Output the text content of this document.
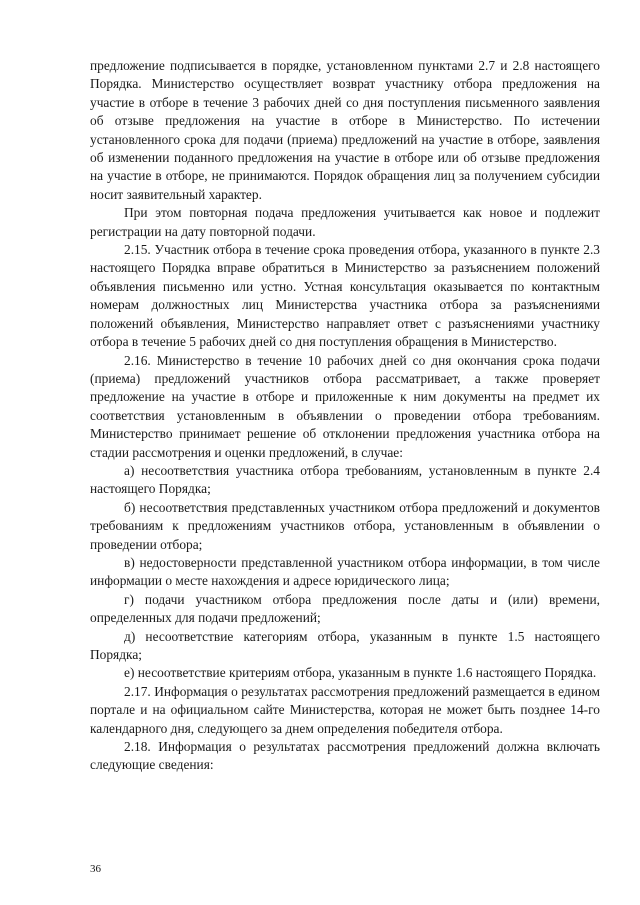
предложение подписывается в порядке, установленном пунктами 2.7 и 2.8 настоящего Порядка. Министерство осуществляет возврат участнику отбора предложения на участие в отборе в течение 3 рабочих дней со дня поступления письменного заявления об отзыве предложения на участие в отборе в Министерство. По истечении установленного срока для подачи (приема) предложений на участие в отборе, заявления об изменении поданного предложения на участие в отборе или об отзыве предложения на участие в отборе, не принимаются. Порядок обращения лиц за получением субсидии носит заявительный характер.

При этом повторная подача предложения учитывается как новое и подлежит регистрации на дату повторной подачи.

2.15. Участник отбора в течение срока проведения отбора, указанного в пункте 2.3 настоящего Порядка вправе обратиться в Министерство за разъяснением положений объявления письменно или устно. Устная консультация оказывается по контактным номерам должностных лиц Министерства участника отбора за разъяснениями положений объявления, Министерство направляет ответ с разъяснениями участнику отбора в течение 5 рабочих дней со дня поступления обращения в Министерство.

2.16. Министерство в течение 10 рабочих дней со дня окончания срока подачи (приема) предложений участников отбора рассматривает, а также проверяет предложение на участие в отборе и приложенные к ним документы на предмет их соответствия установленным в объявлении о проведении отбора требованиям. Министерство принимает решение об отклонении предложения участника отбора на стадии рассмотрения и оценки предложений, в случае:

а) несоответствия участника отбора требованиям, установленным в пункте 2.4 настоящего Порядка;

б) несоответствия представленных участником отбора предложений и документов требованиям к предложениям участников отбора, установленным в объявлении о проведении отбора;

в) недостоверности представленной участником отбора информации, в том числе информации о месте нахождения и адресе юридического лица;

г) подачи участником отбора предложения после даты и (или) времени, определенных для подачи предложений;

д) несоответствие категориям отбора, указанным в пункте 1.5 настоящего Порядка;

е) несоответствие критериям отбора, указанным в пункте 1.6 настоящего Порядка.

2.17. Информация о результатах рассмотрения предложений размещается в едином портале и на официальном сайте Министерства, которая не может быть позднее 14-го календарного дня, следующего за днем определения победителя отбора.

2.18. Информация о результатах рассмотрения предложений должна включать следующие сведения:

36
